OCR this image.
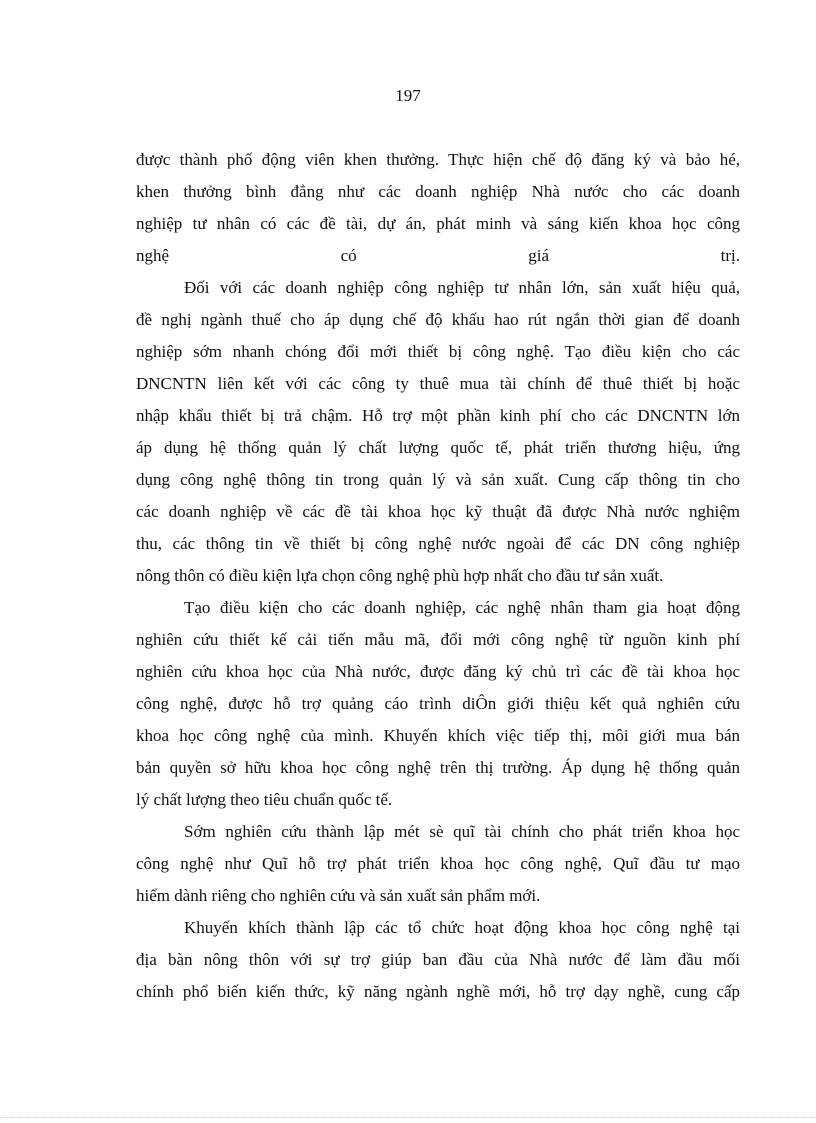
197
được thành phố động viên khen thưởng. Thực hiện chế độ đăng ký và bảo hé,
khen thưởng bình đẳng như các doanh nghiệp Nhà nước cho các doanh
nghiệp tư nhân có các đề tài, dự án, phát minh và sáng kiến khoa học công
nghệ có giá trị.
Đối với các doanh nghiệp công nghiệp tư nhân lớn, sản xuất hiệu quả,
đề nghị ngành thuế cho áp dụng chế độ khấu hao rút ngắn thời gian để doanh
nghiệp sớm nhanh chóng đổi mới thiết bị công nghệ. Tạo điều kiện cho các
DNCNTN liên kết với các công ty thuê mua tài chính để thuê thiết bị hoặc
nhập khẩu thiết bị trả chậm. Hỗ trợ một phần kinh phí cho các DNCNTN lớn
áp dụng hệ thống quản lý chất lượng quốc tế, phát triển thương hiệu, ứng
dụng công nghệ thông tin trong quản lý và sản xuất. Cung cấp thông tin cho
các doanh nghiệp về các đề tài khoa học kỹ thuật đã được Nhà nước nghiệm
thu, các thông tin về thiết bị công nghệ nước ngoài để các DN công nghiệp
nông thôn có điều kiện lựa chọn công nghệ phù hợp nhất cho đầu tư sản xuất.
Tạo điều kiện cho các doanh nghiệp, các nghệ nhân tham gia hoạt động
nghiên cứu thiết kế cải tiến mẫu mã, đổi mới công nghệ từ nguồn kinh phí
nghiên cứu khoa học của Nhà nước, được đăng ký chủ trì các đề tài khoa học
công nghệ, được hỗ trợ quảng cáo trình diÔn giới thiệu kết quả nghiên cứu
khoa học công nghệ của mình. Khuyến khích việc tiếp thị, môi giới mua bán
bản quyền sở hữu khoa học công nghệ trên thị trường. Áp dụng hệ thống quản
lý chất lượng theo tiêu chuẩn quốc tế.
Sớm nghiên cứu thành lập mét sè quĩ tài chính cho phát triển khoa học
công nghệ như Quĩ hỗ trợ phát triển khoa học công nghệ, Quĩ đầu tư mạo
hiểm dành riêng cho nghiên cứu và sản xuất sản phẩm mới.
Khuyến khích thành lập các tổ chức hoạt động khoa học công nghệ tại
địa bàn nông thôn với sự trợ giúp ban đầu của Nhà nước để làm đầu mối
chính phổ biến kiến thức, kỹ năng ngành nghề mới, hỗ trợ dạy nghề, cung cấp
